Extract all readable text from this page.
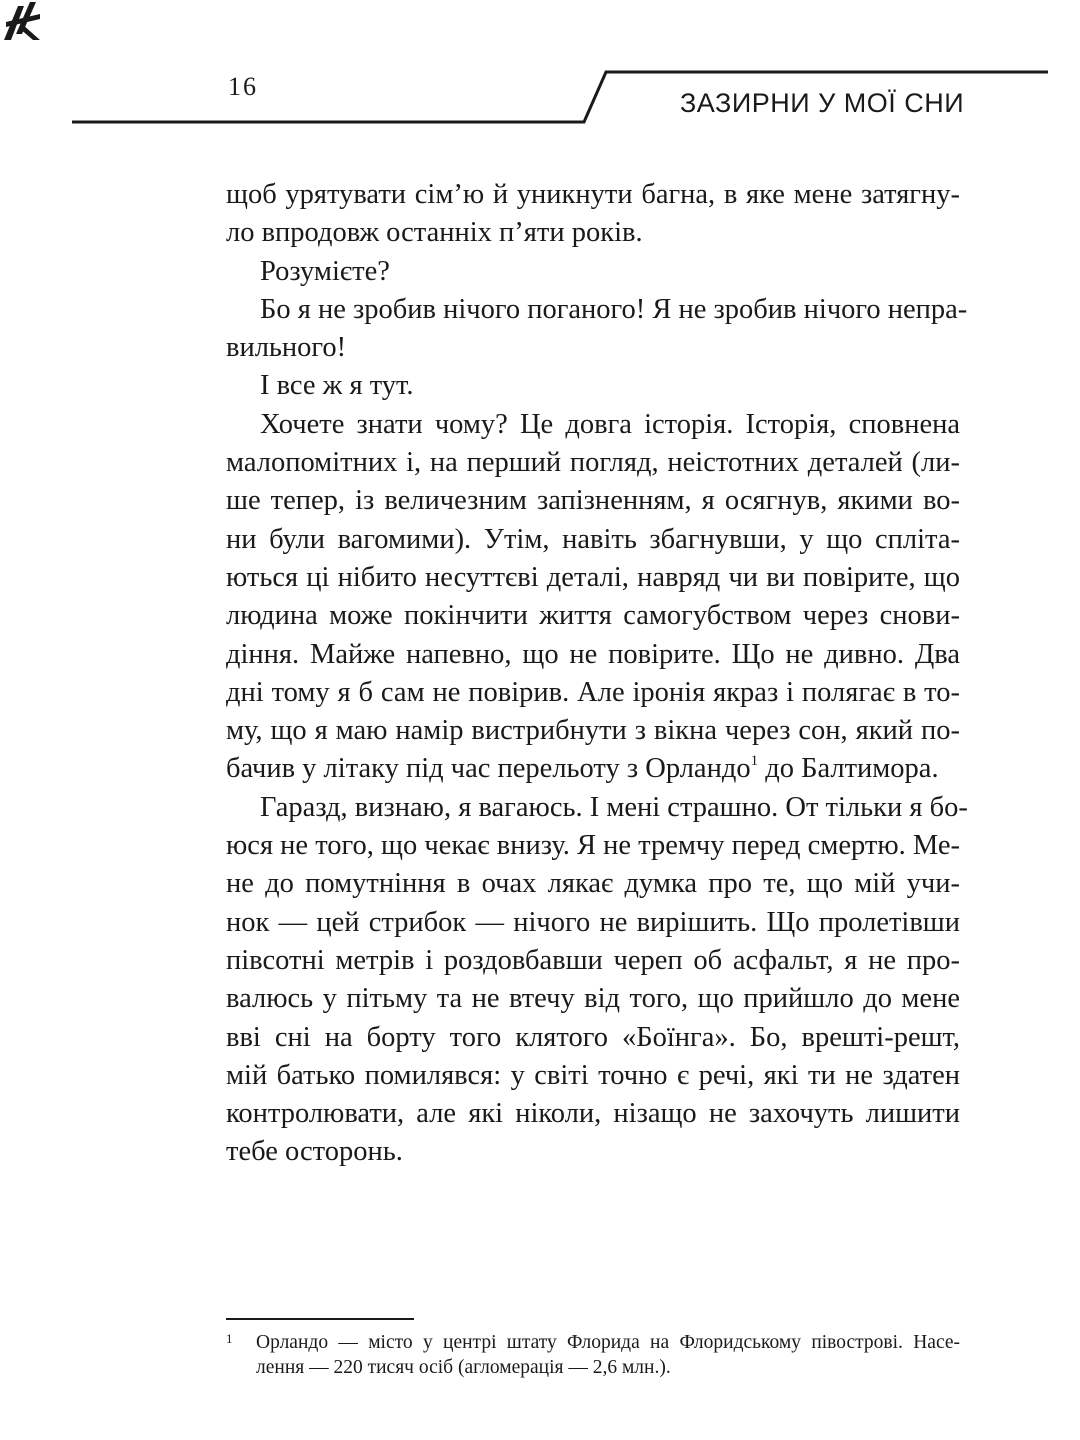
16
ЗАЗИРНИ У МОЇ СНИ
щоб урятувати сім’ю й уникнути багна, в яке мене затягну-
ло впродовж останніх п’яти років.
Розумієте?
Бо я не зробив нічого поганого! Я не зробив нічого непра-
вильного!
І все ж я тут.
Хочете знати чому? Це довга історія. Історія, сповнена
малопомітних і, на перший погляд, неістотних деталей (ли-
ше тепер, із величезним запізненням, я осягнув, якими во-
ни були вагомими). Утім, навіть збагнувши, у що спліта-
ються ці нібито несуттєві деталі, навряд чи ви повірите, що
людина може покінчити життя самогубством через снови-
діння. Майже напевно, що не повірите. Що не дивно. Два
дні тому я б сам не повірив. Але іронія якраз і полягає в то-
му, що я маю намір вистрибнути з вікна через сон, який по-
бачив у літаку під час перельоту з Орландо$^1$ до Балтимора.
Гаразд, визнаю, я вагаюсь. І мені страшно. От тільки я бо-
юся не того, що чекає внизу. Я не тремчу перед смертю. Ме-
не до помутніння в очах лякає думка про те, що мій учи-
нок — цей стрибок — нічого не вирішить. Що пролетівши
півсотні метрів і роздовбавши череп об асфальт, я не про-
валюсь у пітьму та не втечу від того, що прийшло до мене
вві сні на борту того клятого «Боїнга». Бо, врешті-решт,
мій батько помилявся: у світі точно є речі, які ти не здатен
контролювати, але які ніколи, нізащо не захочуть лишити
тебе осторонь.
1	Орландо — місто у центрі штату Флорида на Флоридському півострові. Насе-
лення — 220 тисяч осіб (агломерація — 2,6 млн.).
